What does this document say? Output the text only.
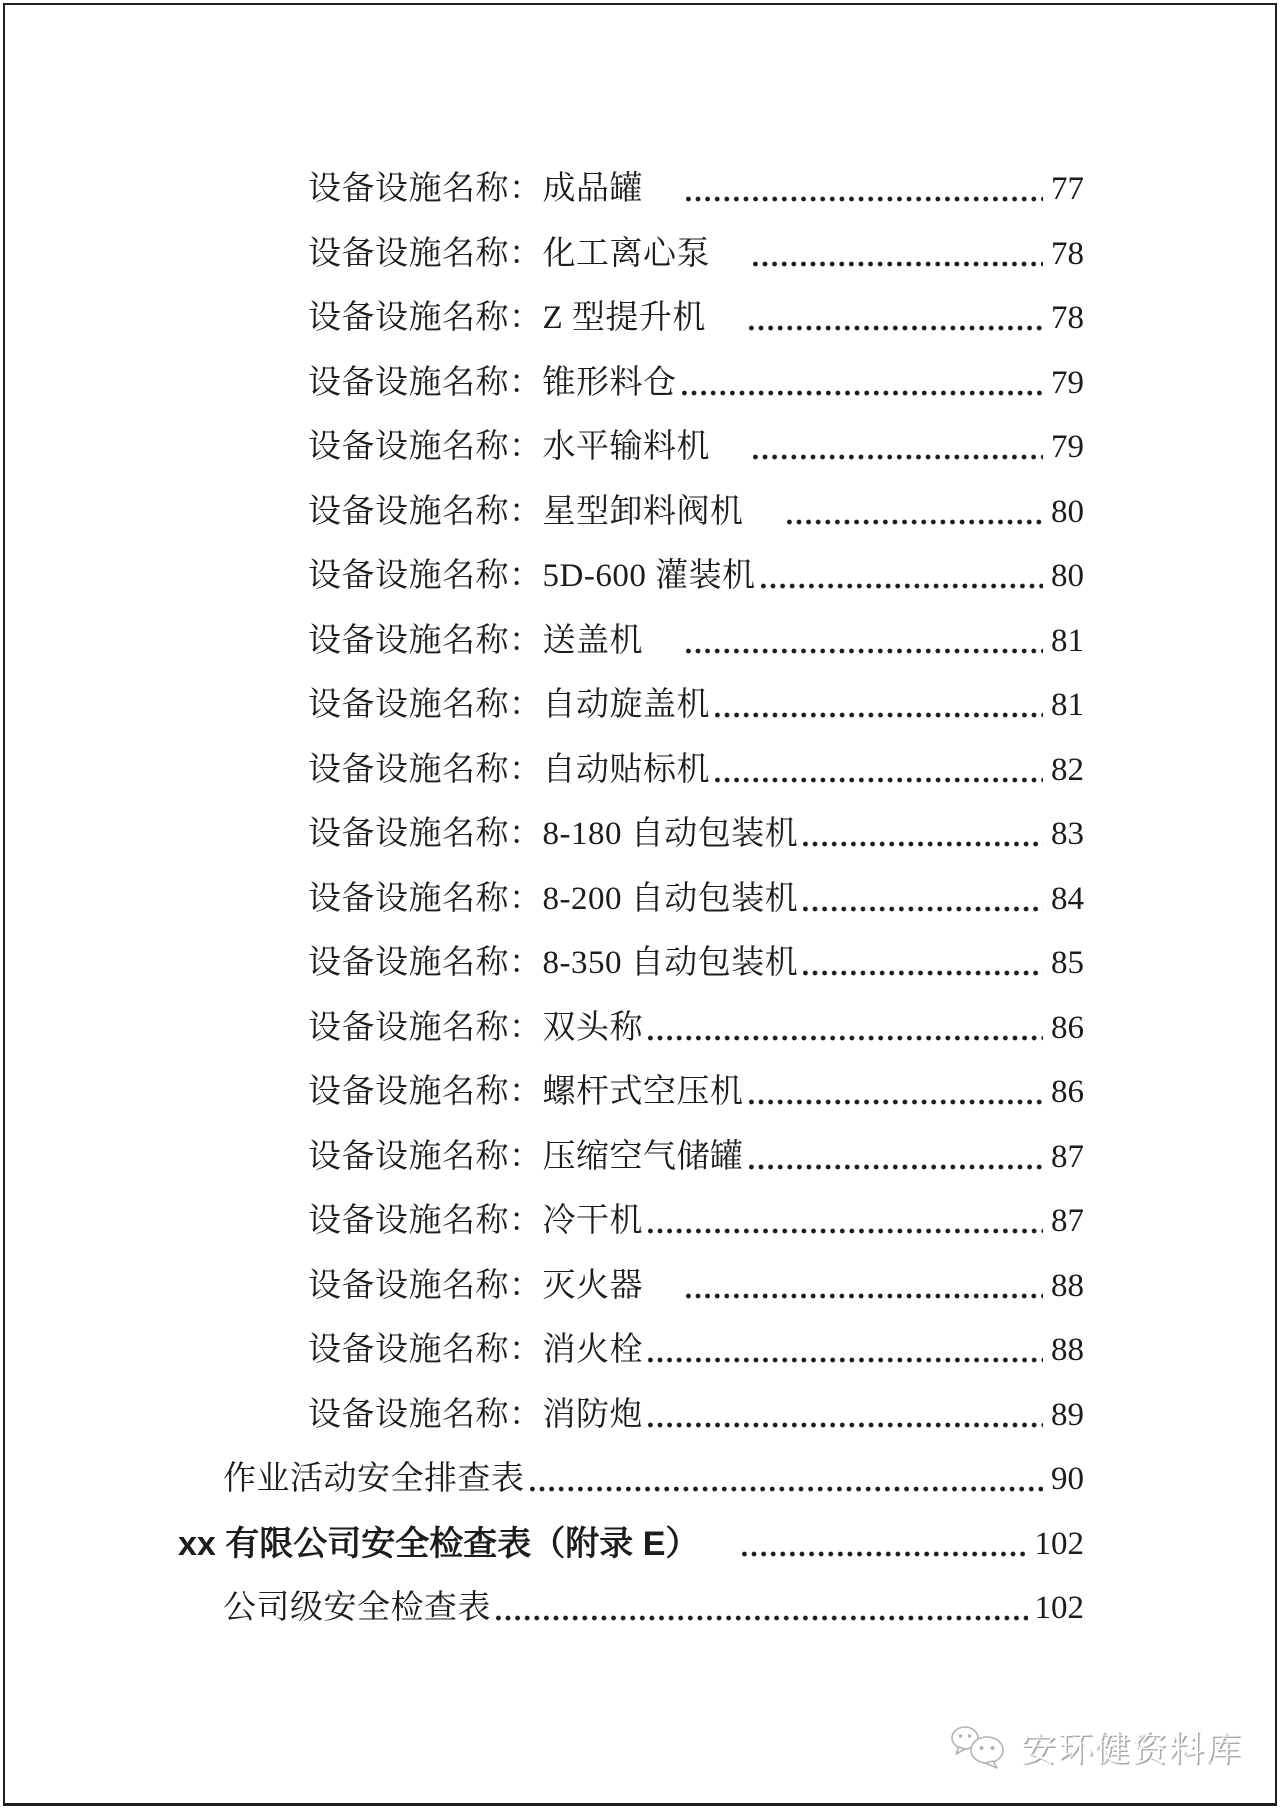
设备设施名称：成品罐	77
设备设施名称：化工离心泵	78
设备设施名称：Z 型提升机	78
设备设施名称：锥形料仓	79
设备设施名称：水平输料机	79
设备设施名称：星型卸料阀机	80
设备设施名称：5D-600 灌装机	80
设备设施名称：送盖机	81
设备设施名称：自动旋盖机	81
设备设施名称：自动贴标机	82
设备设施名称：8-180 自动包装机	83
设备设施名称：8-200 自动包装机	84
设备设施名称：8-350 自动包装机	85
设备设施名称：双头称	86
设备设施名称：螺杆式空压机	86
设备设施名称：压缩空气储罐	87
设备设施名称：冷干机	87
设备设施名称：灭火器	88
设备设施名称：消火栓	88
设备设施名称：消防炮	89
作业活动安全排查表	90
xx 有限公司安全检查表（附录 E）	102
公司级安全检查表	102
安环健资料库
